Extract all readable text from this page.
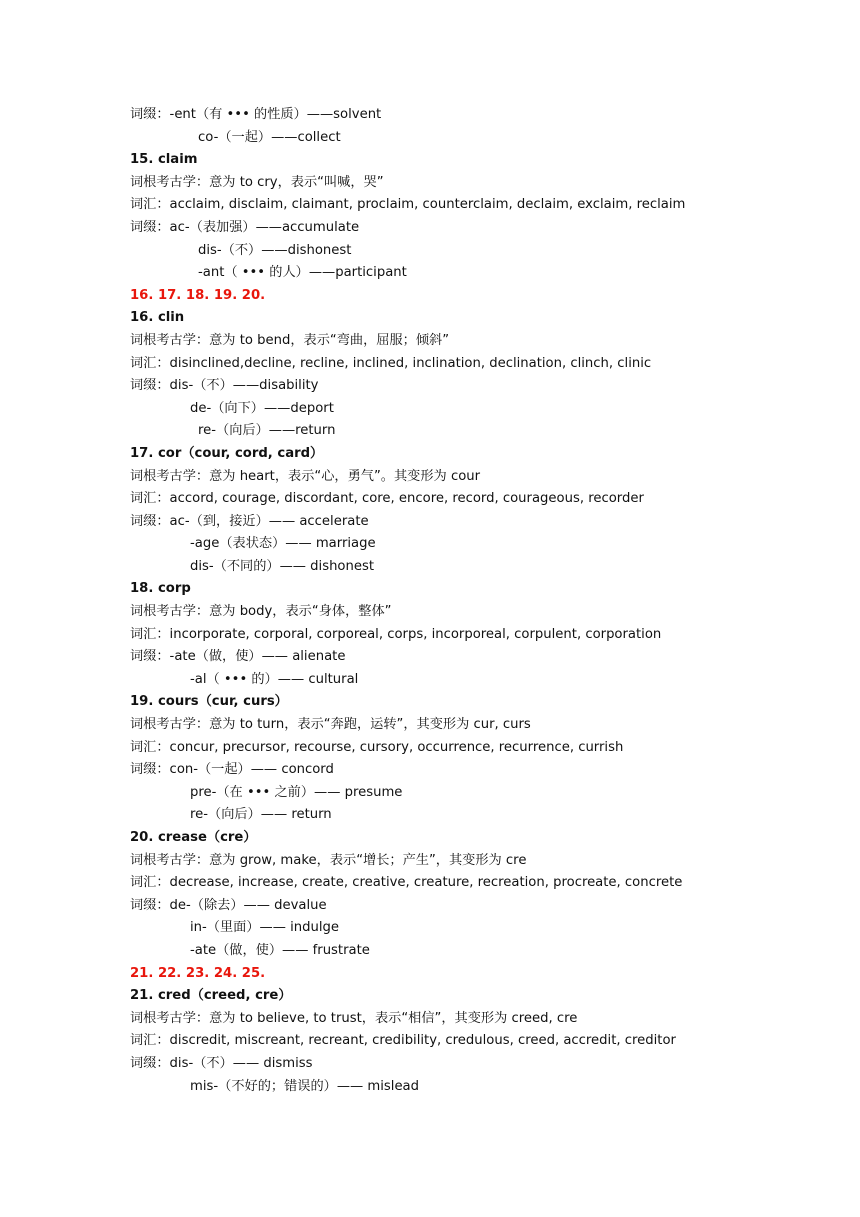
词缀：-ent（有 ••• 的性质）——solvent
co-（一起）——collect
15. claim
词根考古学：意为 to cry，表示“叫喊，哭”
词汇：acclaim, disclaim, claimant, proclaim, counterclaim, declaim, exclaim, reclaim
词缀：ac-（表加强）——accumulate
dis-（不）——dishonest
-ant（ ••• 的人）——participant
16. 17. 18. 19. 20.
16. clin
词根考古学：意为 to bend，表示“弯曲，屈服；倾斜”
词汇：disinclined,decline, recline, inclined, inclination, declination, clinch, clinic
词缀：dis-（不）——disability
de-（向下）——deport
re-（向后）——return
17. cor（cour, cord, card）
词根考古学：意为 heart，表示“心，勇气”。其变形为 cour
词汇：accord, courage, discordant, core, encore, record, courageous, recorder
词缀：ac-（到，接近）—— accelerate
-age（表状态）—— marriage
dis-（不同的）—— dishonest
18. corp
词根考古学：意为 body，表示“身体，整体”
词汇：incorporate, corporal, corporeal, corps, incorporeal, corpulent, corporation
词缀：-ate（做，使）—— alienate
-al（ ••• 的）—— cultural
19. cours（cur, curs）
词根考古学：意为 to turn，表示“奔跑，运转”，其变形为 cur, curs
词汇：concur, precursor, recourse, cursory, occurrence, recurrence, currish
词缀：con-（一起）—— concord
pre-（在 ••• 之前）—— presume
re-（向后）—— return
20. crease（cre）
词根考古学：意为 grow, make，表示“增长；产生”，其变形为 cre
词汇：decrease, increase, create, creative, creature, recreation, procreate, concrete
词缀：de-（除去）—— devalue
in-（里面）—— indulge
-ate（做，使）—— frustrate
21. 22. 23. 24. 25.
21. cred（creed, cre）
词根考古学：意为 to believe, to trust，表示“相信”，其变形为 creed, cre
词汇：discredit, miscreant, recreant, credibility, credulous, creed, accredit, creditor
词缀：dis-（不）—— dismiss
mis-（不好的；错误的）—— mislead
